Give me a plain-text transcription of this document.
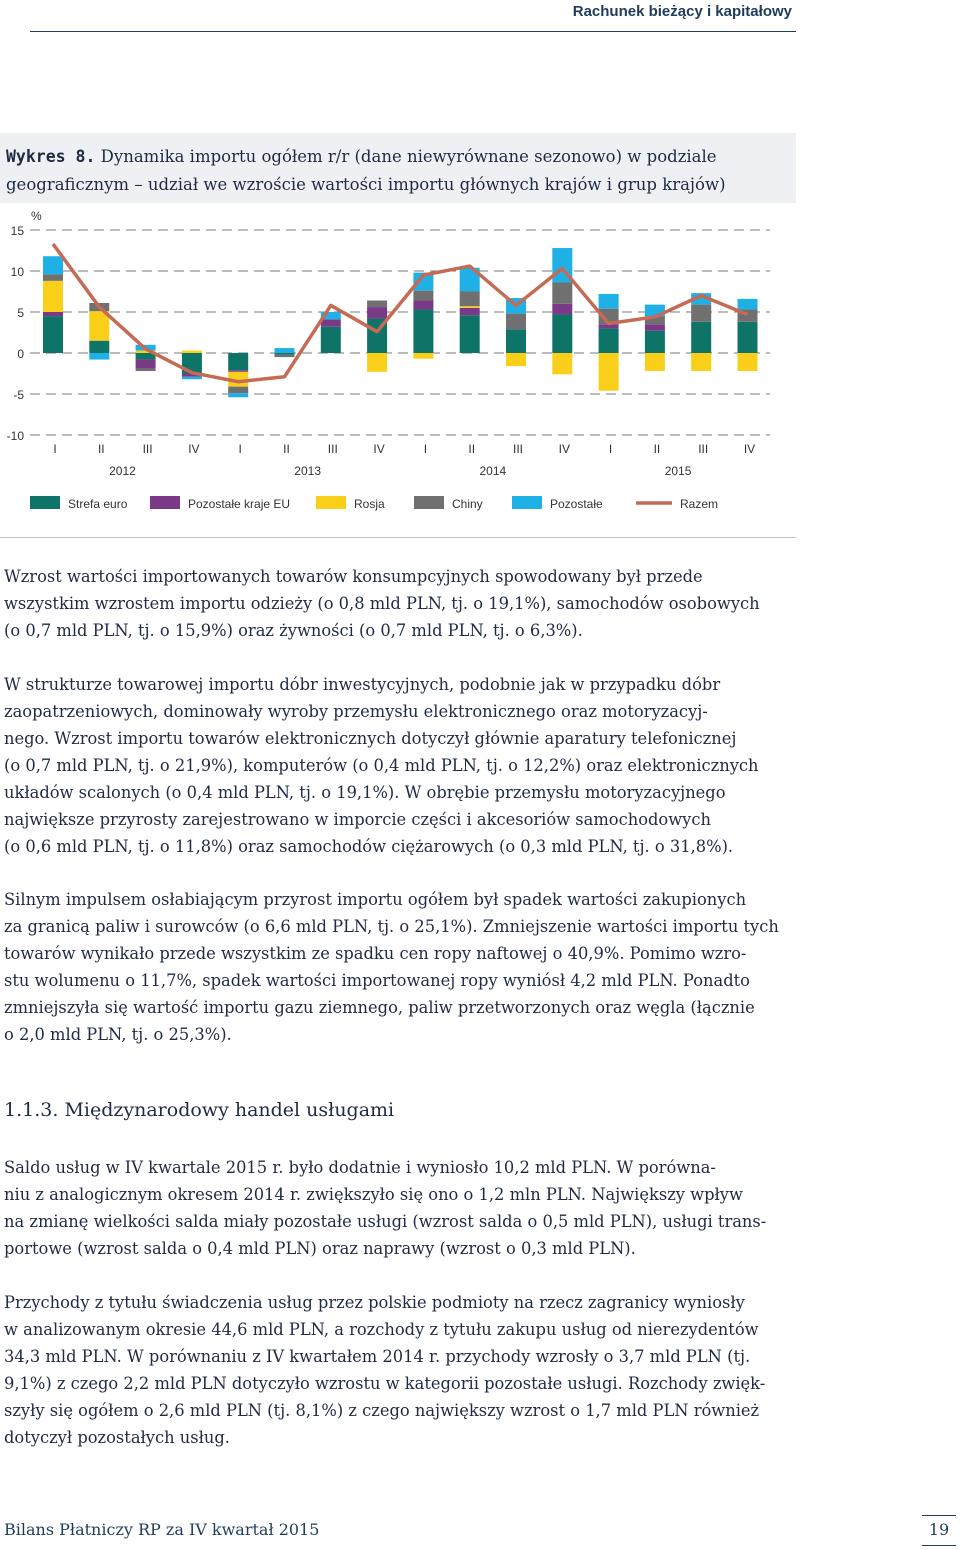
Rachunek bieżący i kapitałowy
Wykres 8. Dynamika importu ogółem r/r (dane niewyrównane sezonowo) w podziale
geograficznym – udział we wzroście wartości importu głównych krajów i grup krajów)
15
10
5
0
-5
-10
%
I	II	III	IV	I	II	III	IV	I	II	III	IV	I	II	III	IV
2012	2013	2014	2015
Strefa euro	Pozostałe kraje EU	Rosja	Chiny	Pozostałe	Razem

Wzrost wartości importowanych towarów konsumpcyjnych spowodowany był przede
wszystkim wzrostem importu odzieży (o 0,8 mld PLN, tj. o 19,1%), samochodów osobowych
(o 0,7 mld PLN, tj. o 15,9%) oraz żywności (o 0,7 mld PLN, tj. o 6,3%).

W strukturze towarowej importu dóbr inwestycyjnych, podobnie jak w przypadku dóbr
zaopatrzeniowych, dominowały wyroby przemysłu elektronicznego oraz motoryzacyj-
nego. Wzrost importu towarów elektronicznych dotyczył głównie aparatury telefonicznej
(o 0,7 mld PLN, tj. o 21,9%), komputerów (o 0,4 mld PLN, tj. o 12,2%) oraz elektronicznych
układów scalonych (o 0,4 mld PLN, tj. o 19,1%). W obrębie przemysłu motoryzacyjnego
największe przyrosty zarejestrowano w imporcie części i akcesoriów samochodowych
(o 0,6 mld PLN, tj. o 11,8%) oraz samochodów ciężarowych (o 0,3 mld PLN, tj. o 31,8%).

Silnym impulsem osłabiającym przyrost importu ogółem był spadek wartości zakupionych
za granicą paliw i surowców (o 6,6 mld PLN, tj. o 25,1%). Zmniejszenie wartości importu tych
towarów wynikało przede wszystkim ze spadku cen ropy naftowej o 40,9%. Pomimo wzro-
stu wolumenu o 11,7%, spadek wartości importowanej ropy wyniósł 4,2 mld PLN. Ponadto
zmniejszyła się wartość importu gazu ziemnego, paliw przetworzonych oraz węgla (łącznie
o 2,0 mld PLN, tj. o 25,3%).

1.1.3. Międzynarodowy handel usługami

Saldo usług w IV kwartale 2015 r. było dodatnie i wyniosło 10,2 mld PLN. W porówna-
niu z analogicznym okresem 2014 r. zwiększyło się ono o 1,2 mln PLN. Największy wpływ
na zmianę wielkości salda miały pozostałe usługi (wzrost salda o 0,5 mld PLN), usługi trans-
portowe (wzrost salda o 0,4 mld PLN) oraz naprawy (wzrost o 0,3 mld PLN).

Przychody z tytułu świadczenia usług przez polskie podmioty na rzecz zagranicy wyniosły
w analizowanym okresie 44,6 mld PLN, a rozchody z tytułu zakupu usług od nierezydentów
34,3 mld PLN. W porównaniu z IV kwartałem 2014 r. przychody wzrosły o 3,7 mld PLN (tj.
9,1%) z czego 2,2 mld PLN dotyczyło wzrostu w kategorii pozostałe usługi. Rozchody zwięk-
szyły się ogółem o 2,6 mld PLN (tj. 8,1%) z czego największy wzrost o 1,7 mld PLN również
dotyczył pozostałych usług.

Bilans Płatniczy RP za IV kwartał 2015	19
